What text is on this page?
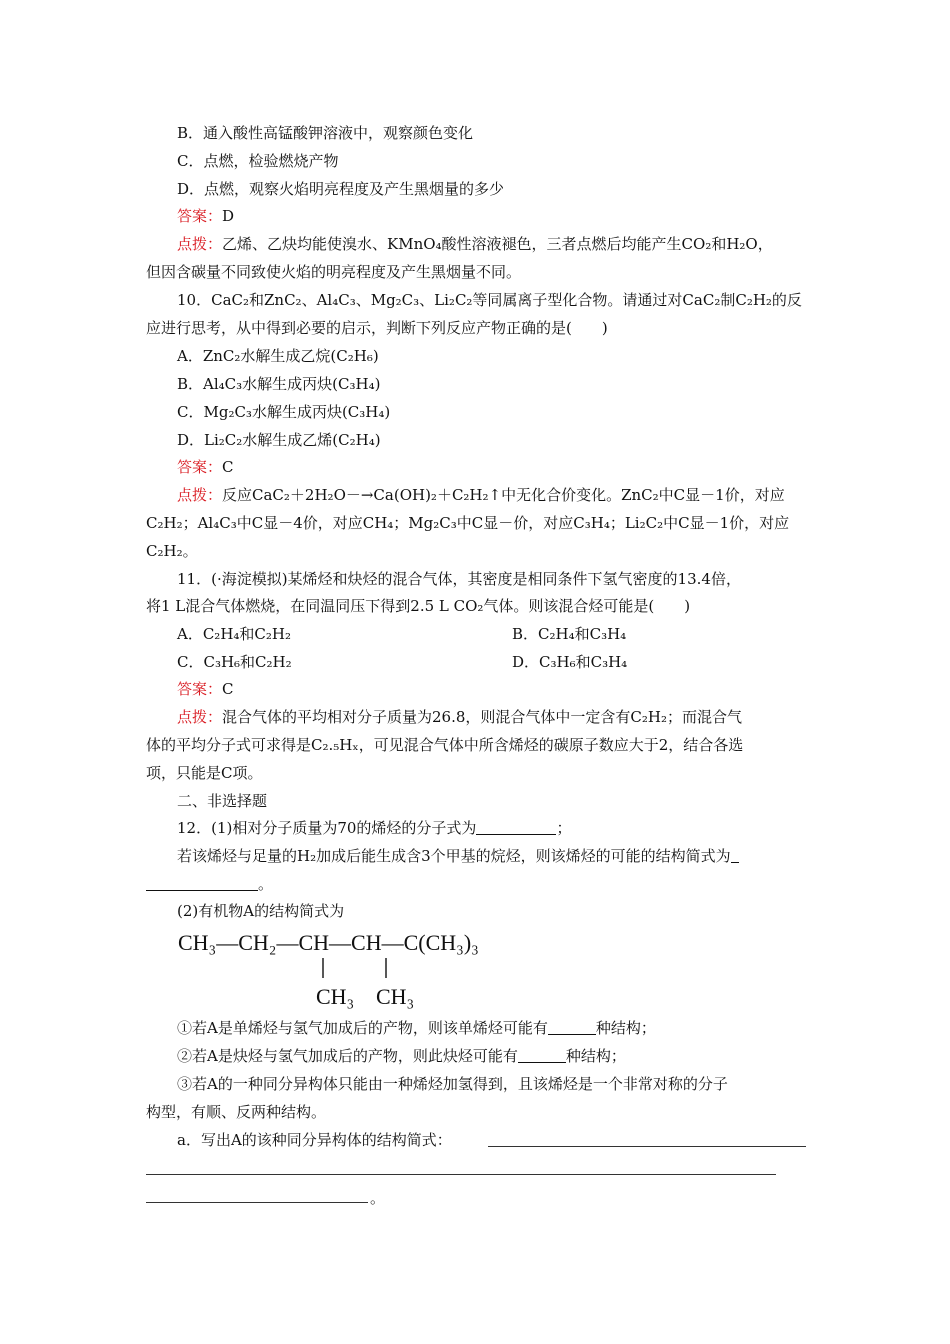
B．通入酸性高锰酸钾溶液中，观察颜色变化
C．点燃，检验燃烧产物
D．点燃，观察火焰明亮程度及产生黑烟量的多少
答案：D
点拨：乙烯、乙炔均能使溴水、KMnO₄酸性溶液褪色，三者点燃后均能产生CO₂和H₂O，
但因含碳量不同致使火焰的明亮程度及产生黑烟量不同。
10．CaC₂和ZnC₂、Al₄C₃、Mg₂C₃、Li₂C₂等同属离子型化合物。请通过对CaC₂制C₂H₂的反
应进行思考，从中得到必要的启示，判断下列反应产物正确的是(　　)
A．ZnC₂水解生成乙烷(C₂H₆)
B．Al₄C₃水解生成丙炔(C₃H₄)
C．Mg₂C₃水解生成丙炔(C₃H₄)
D．Li₂C₂水解生成乙烯(C₂H₄)
答案：C
点拨：反应CaC₂＋2H₂O－→Ca(OH)₂＋C₂H₂↑中无化合价变化。ZnC₂中C显－1价，对应
C₂H₂；Al₄C₃中C显－4价，对应CH₄；Mg₂C₃中C显－价，对应C₃H₄；Li₂C₂中C显－1价，对应
C₂H₂。
11．(·海淀模拟)某烯烃和炔烃的混合气体，其密度是相同条件下氢气密度的13.4倍，
将1 L混合气体燃烧，在同温同压下得到2.5 L CO₂气体。则该混合烃可能是(　　)
A．C₂H₄和C₂H₂	B．C₂H₄和C₃H₄
C．C₃H₆和C₂H₂	D．C₃H₆和C₃H₄
答案：C
点拨：混合气体的平均相对分子质量为26.8，则混合气体中一定含有C₂H₂；而混合气
体的平均分子式可求得是C₂.₅Hₓ，可见混合气体中所含烯烃的碳原子数应大于2，结合各选
项，只能是C项。
二、非选择题
12．(1)相对分子质量为70的烯烃的分子式为	；
若该烯烃与足量的H₂加成后能生成含3个甲基的烷烃，则该烯烃的可能的结构简式为
。
(2)有机物A的结构简式为
CH₃—CH₂—CH—CH—C(CH₃)₃
CH₃ CH₃
①若A是单烯烃与氢气加成后的产物，则该单烯烃可能有	种结构；
②若A是炔烃与氢气加成后的产物，则此炔烃可能有	种结构；
③若A的一种同分异构体只能由一种烯烃加氢得到，且该烯烃是一个非常对称的分子
构型，有顺、反两种结构。
a．写出A的该种同分异构体的结构简式：
。
